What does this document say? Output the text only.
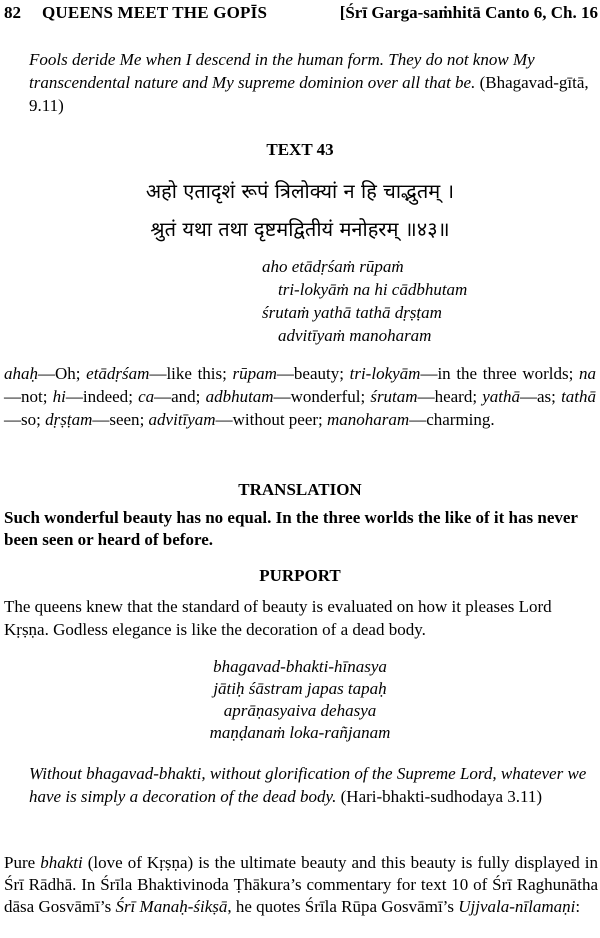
82 QUEENS MEET THE GOPĪS	[Śrī Garga-saṁhitā Canto 6, Ch. 16
Fools deride Me when I descend in the human form. They do not know My transcendental nature and My supreme dominion over all that be. (Bhagavad-gītā, 9.11)
TEXT 43
अहो एतादृशं रूपं त्रिलोक्यां न हि चाद्भुतम् ।
श्रुतं यथा तथा दृष्टमद्वितीयं मनोहरम् ॥४३॥
aho etādṛśaṁ rūpaṁ
tri-lokyāṁ na hi cādbhutam
śrutaṁ yathā tathā dṛṣṭam
advitīyaṁ manoharam
ahaḥ—Oh; etādṛśam—like this; rūpam—beauty; tri-lokyām—in the three worlds; na—not; hi—indeed; ca—and; adbhutam—wonderful; śrutam—heard; yathā—as; tathā—so; dṛṣṭam—seen; advitīyam—without peer; manoharam—charming.
TRANSLATION
Such wonderful beauty has no equal. In the three worlds the like of it has never been seen or heard of before.
PURPORT
The queens knew that the standard of beauty is evaluated on how it pleases Lord Kṛṣṇa. Godless elegance is like the decoration of a dead body.
bhagavad-bhakti-hīnasya
jātiḥ śāstram japas tapaḥ
aprāṇasyaiva dehasya
maṇḍanaṁ loka-rañjanam
Without bhagavad-bhakti, without glorification of the Supreme Lord, whatever we have is simply a decoration of the dead body. (Hari-bhakti-sudhodaya 3.11)
Pure bhakti (love of Kṛṣṇa) is the ultimate beauty and this beauty is fully displayed in Śrī Rādhā. In Śrīla Bhaktivinoda Ṭhākura’s commentary for text 10 of Śrī Raghunātha dāsa Gosvāmī’s Śrī Manaḥ-śikṣā, he quotes Śrīla Rūpa Gosvāmī’s Ujjvala-nīlamaṇi:
